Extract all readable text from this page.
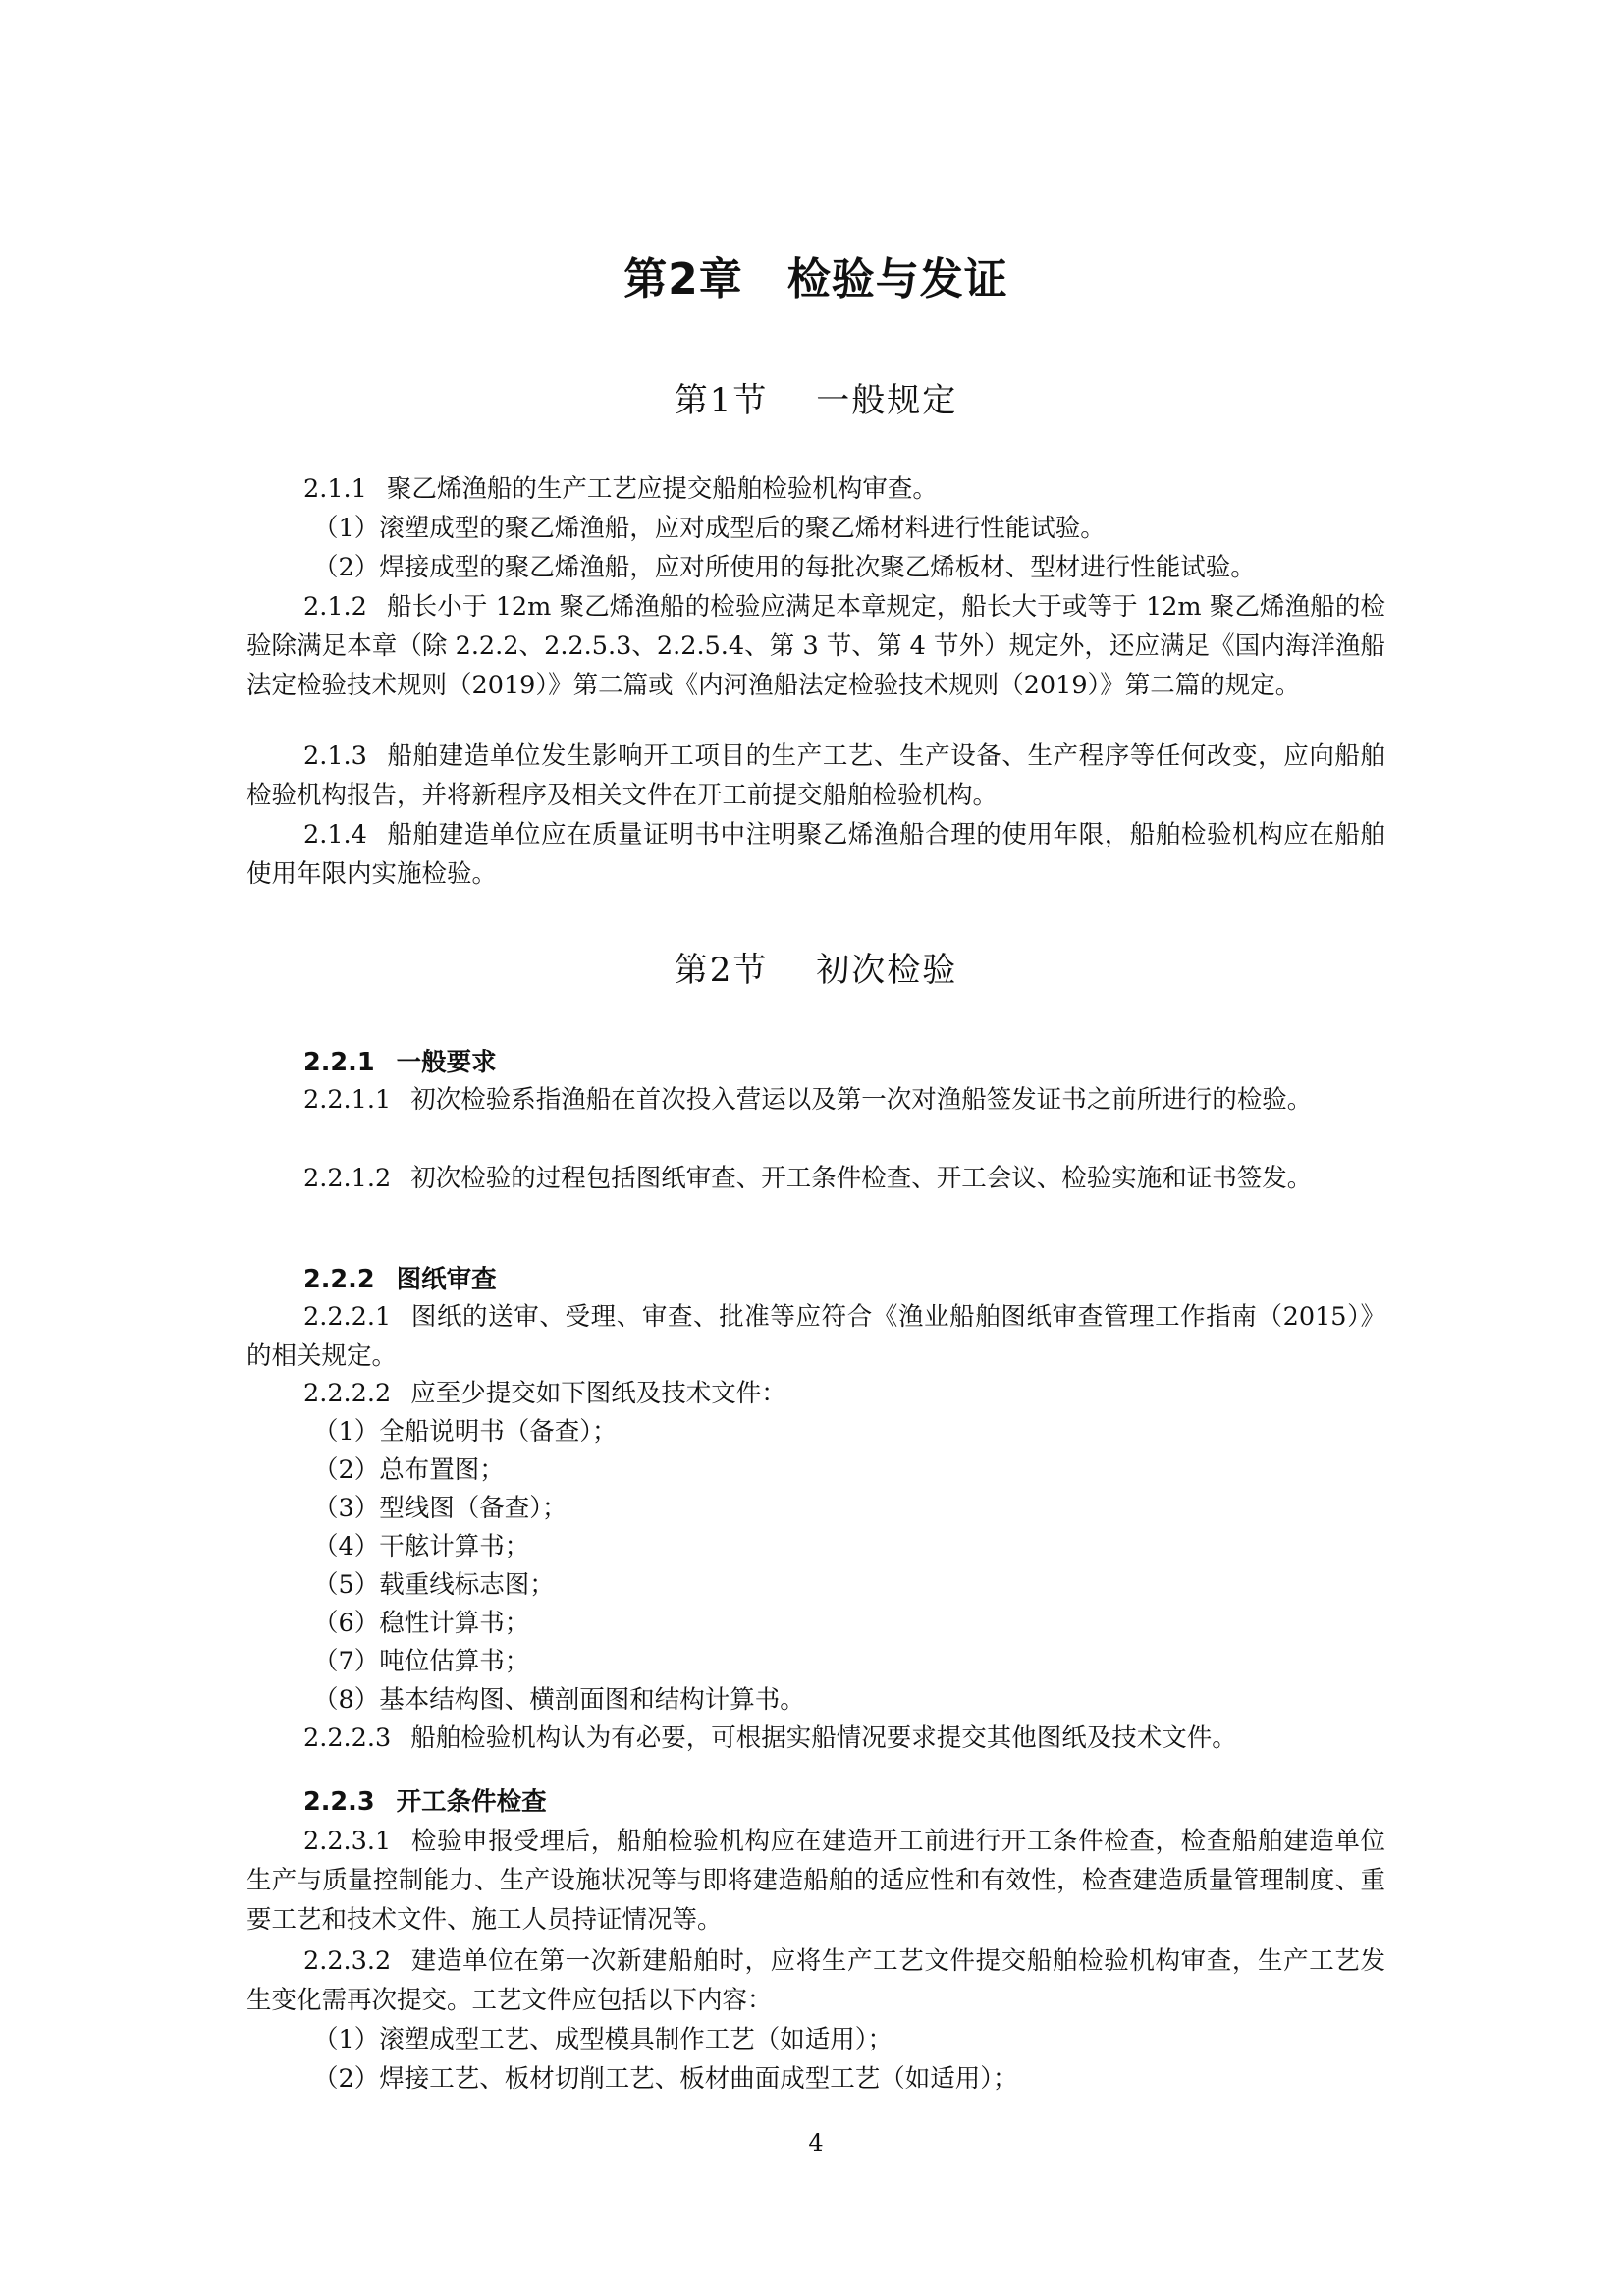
第2章　检验与发证
第1节　 一般规定

2.1.1 聚乙烯渔船的生产工艺应提交船舶检验机构审查。

（1）滚塑成型的聚乙烯渔船，应对成型后的聚乙烯材料进行性能试验。
（2）焊接成型的聚乙烯渔船，应对所使用的每批次聚乙烯板材、型材进行性能试验。

2.1.2 船长小于 12m 聚乙烯渔船的检验应满足本章规定，船长大于或等于 12m 聚乙烯渔船的检验除满足本章（除 2.2.2、2.2.5.3、2.2.5.4、第 3 节、第 4 节外）规定外，还应满足《国内海洋渔船法定检验技术规则（2019）》第二篇或《内河渔船法定检验技术规则（2019）》第二篇的规定。

2.1.3 船舶建造单位发生影响开工项目的生产工艺、生产设备、生产程序等任何改变，应向船舶检验机构报告，并将新程序及相关文件在开工前提交船舶检验机构。

2.1.4 船舶建造单位应在质量证明书中注明聚乙烯渔船合理的使用年限，船舶检验机构应在船舶使用年限内实施检验。

第2节　 初次检验
2.2.1 一般要求

2.2.1.1 初次检验系指渔船在首次投入营运以及第一次对渔船签发证书之前所进行的检验。

2.2.1.2 初次检验的过程包括图纸审查、开工条件检查、开工会议、检验实施和证书签发。

2.2.2 图纸审查

2.2.2.1 图纸的送审、受理、审查、批准等应符合《渔业船舶图纸审查管理工作指南（2015）》的相关规定。

2.2.2.2 应至少提交如下图纸及技术文件：

（1）全船说明书（备查）；
（2）总布置图；
（3）型线图（备查）；
（4）干舷计算书；
（5）载重线标志图；
（6）稳性计算书；
（7）吨位估算书；
（8）基本结构图、横剖面图和结构计算书。

2.2.2.3 船舶检验机构认为有必要，可根据实船情况要求提交其他图纸及技术文件。

2.2.3 开工条件检查

2.2.3.1 检验申报受理后，船舶检验机构应在建造开工前进行开工条件检查，检查船舶建造单位生产与质量控制能力、生产设施状况等与即将建造船舶的适应性和有效性，检查建造质量管理制度、重要工艺和技术文件、施工人员持证情况等。

2.2.3.2 建造单位在第一次新建船舶时，应将生产工艺文件提交船舶检验机构审查，生产工艺发生变化需再次提交。工艺文件应包括以下内容：

（1）滚塑成型工艺、成型模具制作工艺（如适用）；
（2）焊接工艺、板材切削工艺、板材曲面成型工艺（如适用）；
4
